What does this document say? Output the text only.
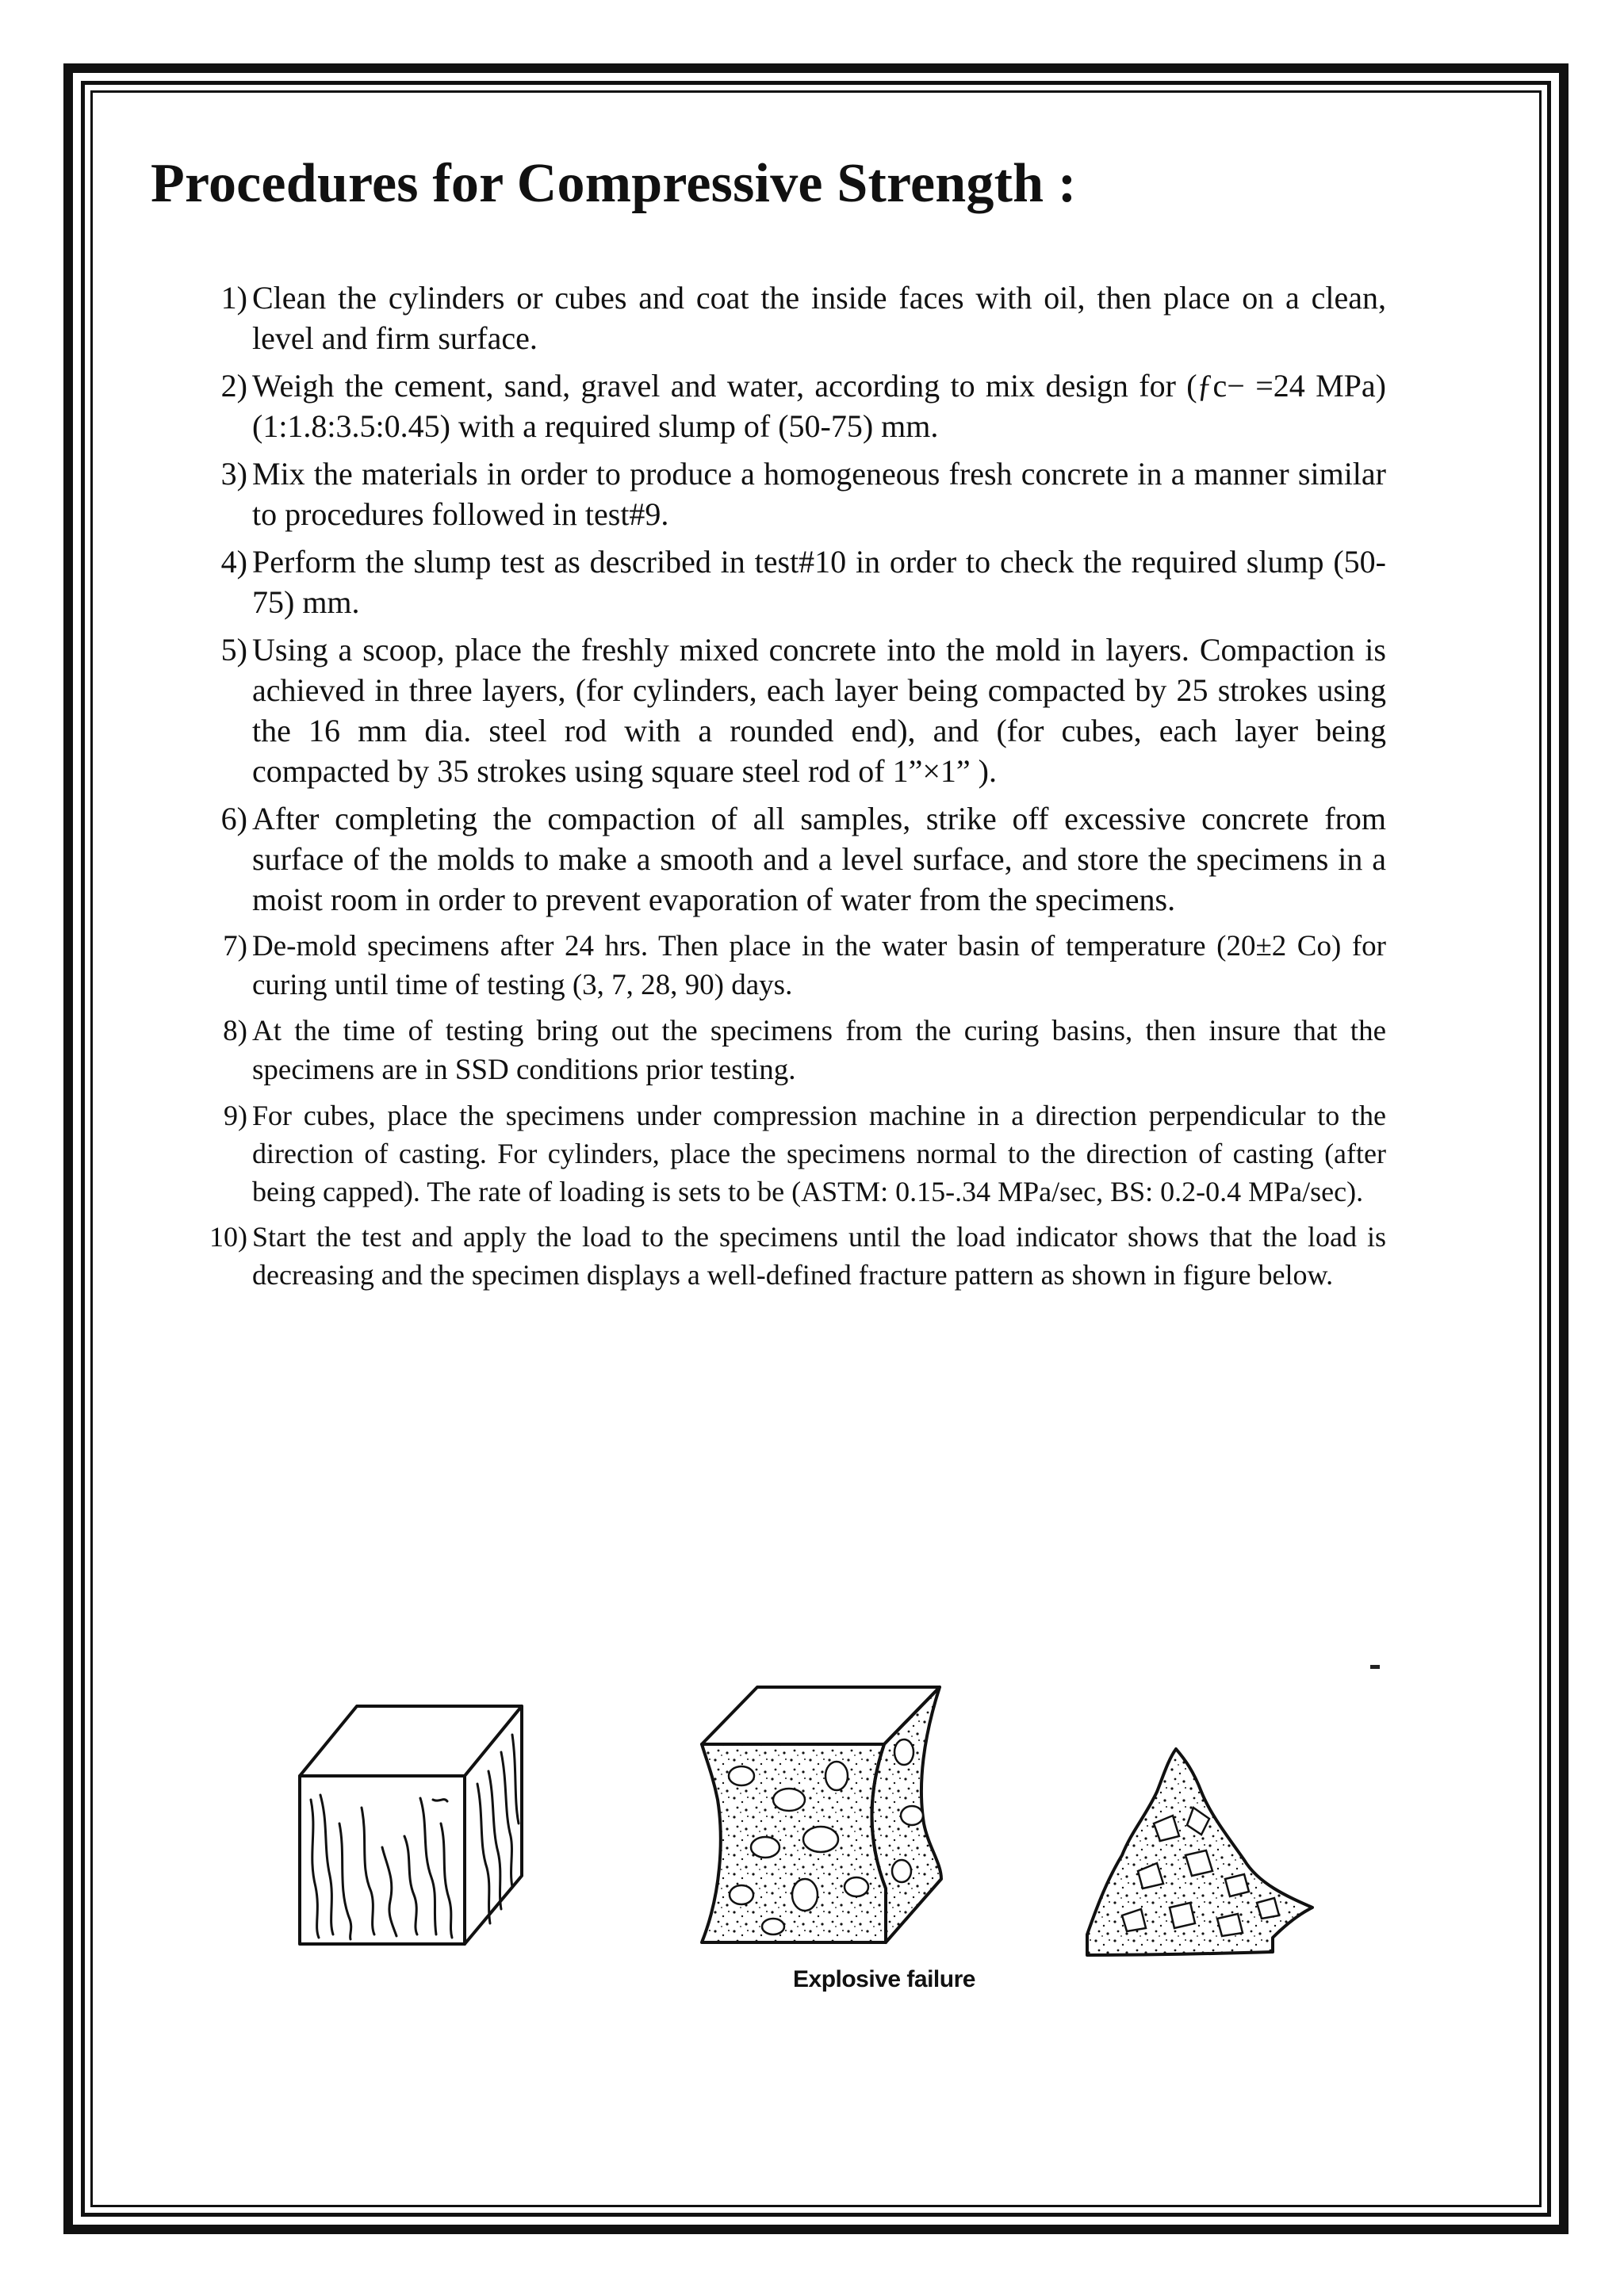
Procedures for Compressive Strength :
1) Clean the cylinders or cubes and coat the inside faces with oil, then place on a clean, level and firm surface.
2) Weigh the cement, sand, gravel and water, according to mix design for (ƒc− =24 MPa) (1:1.8:3.5:0.45) with a required slump of (50-75) mm.
3) Mix the materials in order to produce a homogeneous fresh concrete in a manner similar to procedures followed in test#9.
4) Perform the slump test as described in test#10 in order to check the required slump (50-75) mm.
5) Using a scoop, place the freshly mixed concrete into the mold in layers. Compaction is achieved in three layers, (for cylinders, each layer being compacted by 25 strokes using the 16 mm dia. steel rod with a rounded end), and (for cubes, each layer being compacted by 35 strokes using square steel rod of 1”×1” ).
6) After completing the compaction of all samples, strike off excessive concrete from surface of the molds to make a smooth and a level surface, and store the specimens in a moist room in order to prevent evaporation of water from the specimens.
7) De-mold specimens after 24 hrs. Then place in the water basin of temperature (20±2 Co) for curing until time of testing (3, 7, 28, 90) days.
8) At the time of testing bring out the specimens from the curing basins, then insure that the specimens are in SSD conditions prior testing.
9) For cubes, place the specimens under compression machine in a direction perpendicular to the direction of casting. For cylinders, place the specimens normal to the direction of casting (after being capped). The rate of loading is sets to be (ASTM: 0.15-.34 MPa/sec, BS: 0.2-0.4 MPa/sec).
10) Start the test and apply the load to the specimens until the load indicator shows that the load is decreasing and the specimen displays a well-defined fracture pattern as shown in figure below.
Explosive failure
